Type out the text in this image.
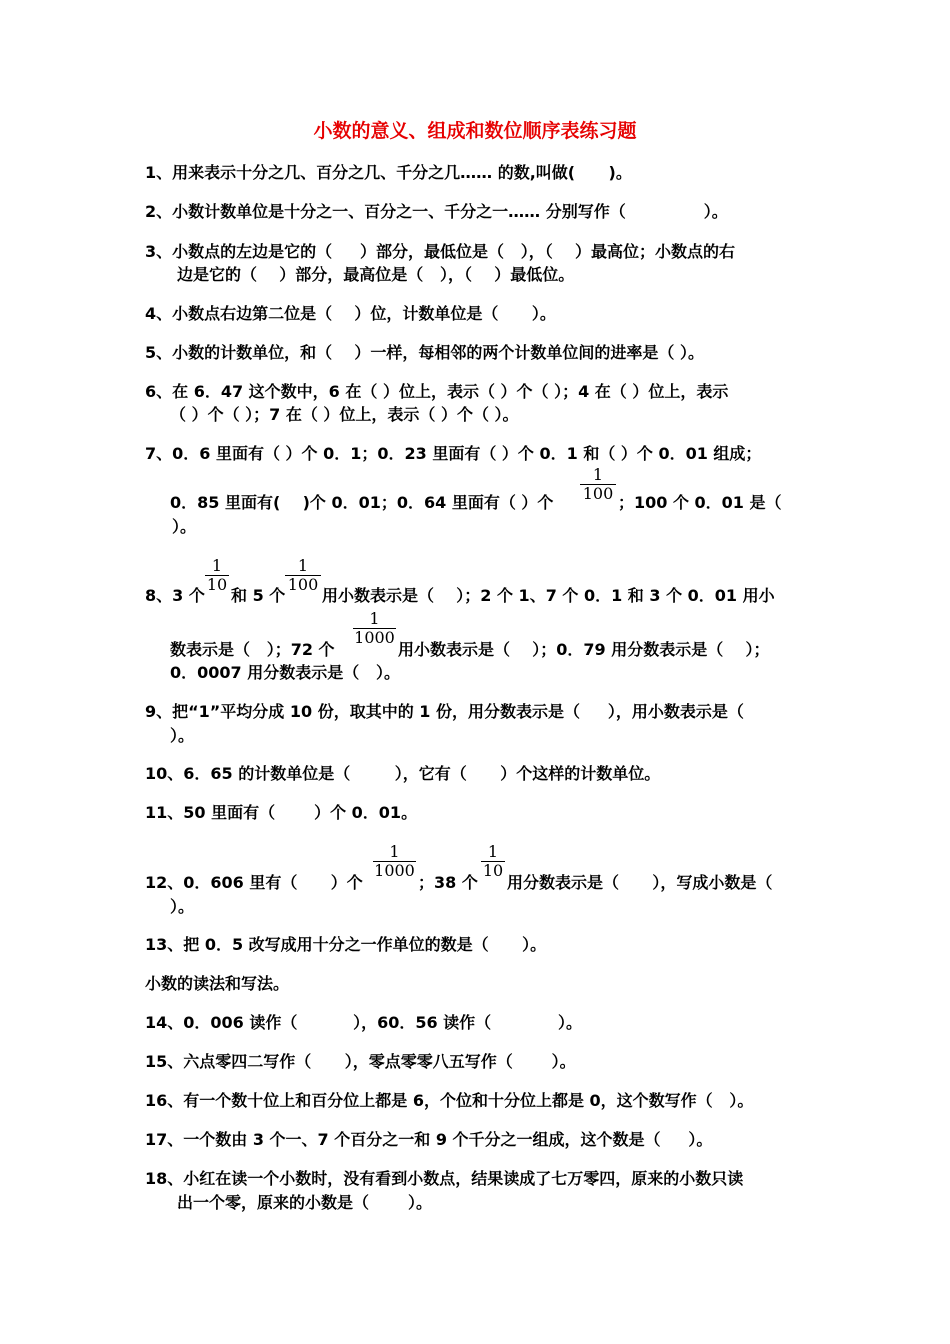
小数的意义、组成和数位顺序表练习题
1、用来表示十分之几、百分之几、千分之几…… 的数,叫做(      )。
2、小数计数单位是十分之一、百分之一、千分之一…… 分别写作（              ）。
3、小数点的左边是它的（     ）部分，最低位是（   ），（    ）最高位；小数点的右
边是它的（    ）部分，最高位是（   ），（    ）最低位。
4、小数点右边第二位是（    ）位，计数单位是（      ）。
5、小数的计数单位，和（    ）一样，每相邻的两个计数单位间的进率是（ ）。
6、在 6．47 这个数中，6 在（ ）位上，表示（ ）个（ ）；4 在（ ）位上，表示
（ ）个（ ）；7 在（ ）位上，表示（ ）个（ ）。
7、0．6 里面有（ ）个 0．1；0．23 里面有（ ）个 0．1 和（ ）个 0．01 组成；
0．85 里面有(    )个 0．01；0．64 里面有（ ）个
1
100 ；100 个 0．01 是（
）。
8、3 个
1
10
和 5 个
1
100
用小数表示是（    ）；2 个 1、7 个 0．1 和 3 个 0．01 用小
数表示是（   ）；72 个
1
1000
用小数表示是（    ）；0．79 用分数表示是（    ）；
0．0007 用分数表示是（   ）。
9、把“1”平均分成 10 份，取其中的 1 份，用分数表示是（     ），用小数表示是（
）。
10、6．65 的计数单位是（        ），它有（      ）个这样的计数单位。
11、50 里面有（       ）个 0．01。
12、0．606 里有（      ）个
1
1000
；38 个
1
10
用分数表示是（      ），写成小数是（
）。
13、把 0．5 改写成用十分之一作单位的数是（      ）。
小数的读法和写法。
14、0．006 读作（          ），60．56 读作（            ）。
15、六点零四二写作（      ），零点零零八五写作（       ）。
16、有一个数十位上和百分位上都是 6，个位和十分位上都是 0，这个数写作（   ）。
17、一个数由 3 个一、7 个百分之一和 9 个千分之一组成，这个数是（     ）。
18、小红在读一个小数时，没有看到小数点，结果读成了七万零四，原来的小数只读
出一个零，原来的小数是（       ）。
